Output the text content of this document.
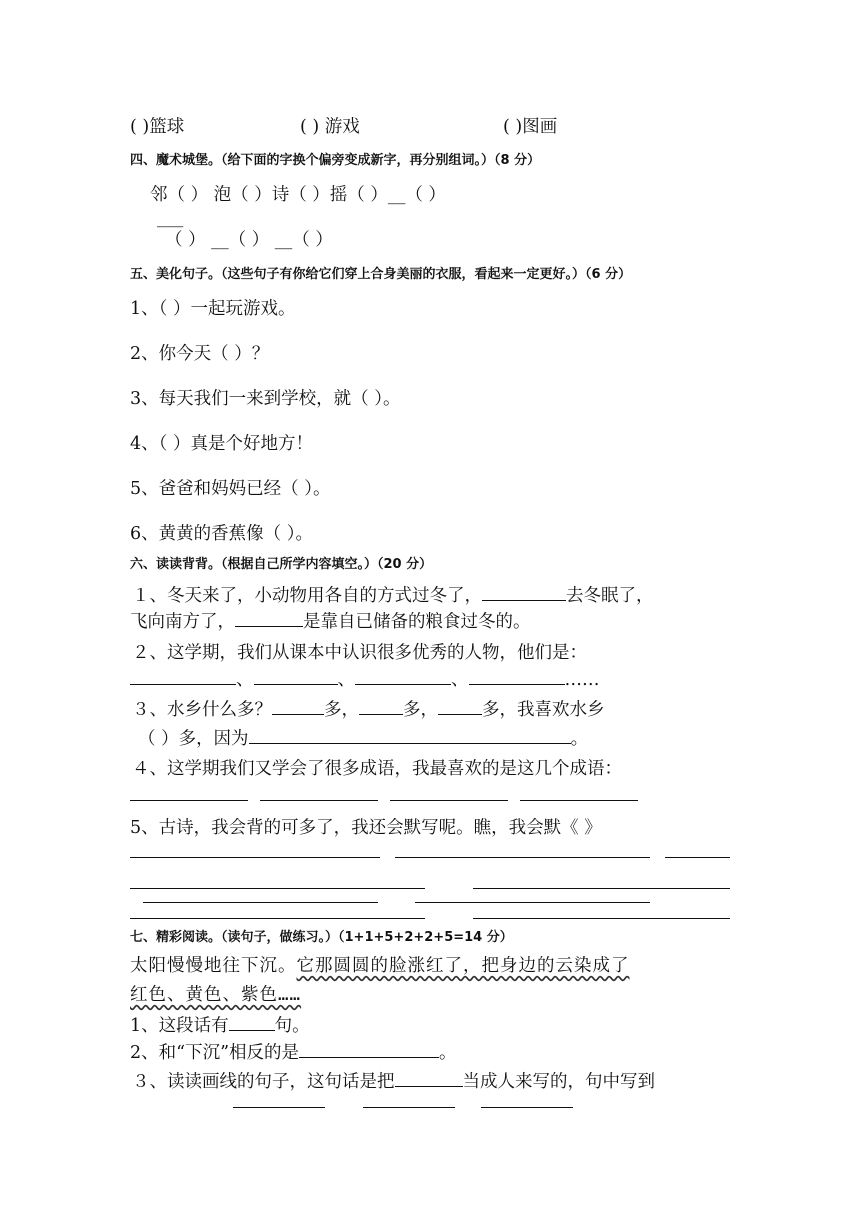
( )篮球	( ) 游戏	( )图画
四、魔术城堡。（给下面的字换个偏旁变成新字，再分别组词。）（8 分）
邻（ ） 泡（ ）诗（ ）摇（ ）__（ ）
___
（ ） __（ ） __（ ）
五、美化句子。（这些句子有你给它们穿上合身美丽的衣服，看起来一定更好。）（6 分）
1、（ ）一起玩游戏。
2、你今天（ ）？
3、每天我们一来到学校，就（ ）。
4、（ ）真是个好地方！
5、爸爸和妈妈已经（ ）。
6、黄黄的香蕉像（ ）。
六、读读背背。（根据自己所学内容填空。）（20 分）
１、冬天来了，小动物用各自的方式过冬了，	去冬眠了，
飞向南方了，	是靠自已储备的粮食过冬的。
２、这学期，我们从课本中认识很多优秀的人物，他们是：
、	、	、	……
３、水乡什么多？	多，	多，	多，我喜欢水乡
（ ）多，因为	。
４、这学期我们又学会了很多成语，我最喜欢的是这几个成语：
5、古诗，我会背的可多了，我还会默写呢。瞧，我会默《 》
七、精彩阅读。（读句子，做练习。）（1+1+5+2+2+5=14 分）
太阳慢慢地往下沉。它那圆圆的脸涨红了，把身边的云染成了
红色、黄色、紫色……
1、这段话有	句。
2、和“下沉”相反的是	。
３、读读画线的句子，这句话是把	当成人来写的，句中写到
